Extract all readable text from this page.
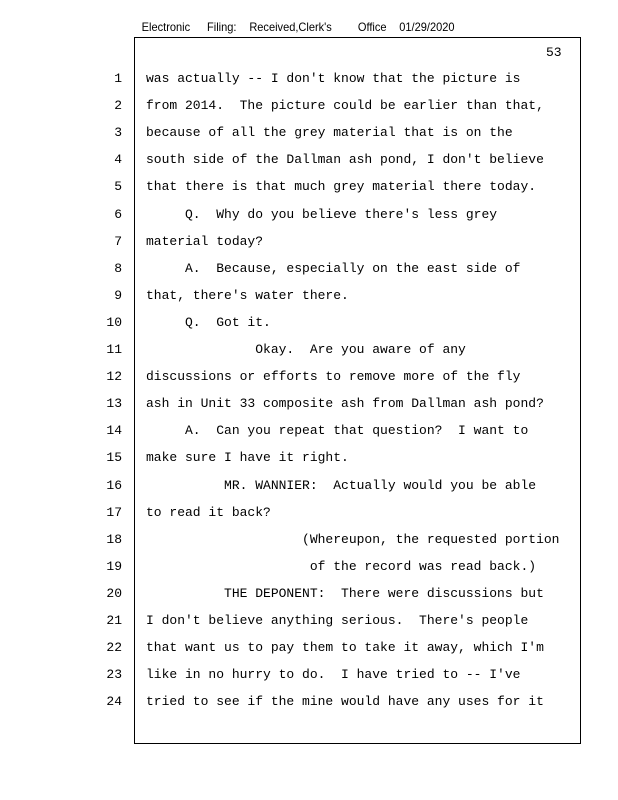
Electronic Filing: Received,Clerk's Office 01/29/2020
53
1 was actually -- I don't know that the picture is
2 from 2014.  The picture could be earlier than that,
3 because of all the grey material that is on the
4 south side of the Dallman ash pond, I don't believe
5 that there is that much grey material there today.
6 Q.  Why do you believe there's less grey
7 material today?
8 A.  Because, especially on the east side of
9 that, there's water there.
10 Q.  Got it.
11 Okay.  Are you aware of any
12 discussions or efforts to remove more of the fly
13 ash in Unit 33 composite ash from Dallman ash pond?
14 A.  Can you repeat that question?  I want to
15 make sure I have it right.
16 MR. WANNIER:  Actually would you be able
17 to read it back?
18 (Whereupon, the requested portion
19 of the record was read back.)
20 THE DEPONENT:  There were discussions but
21 I don't believe anything serious.  There's people
22 that want us to pay them to take it away, which I'm
23 like in no hurry to do.  I have tried to -- I've
24 tried to see if the mine would have any uses for it
